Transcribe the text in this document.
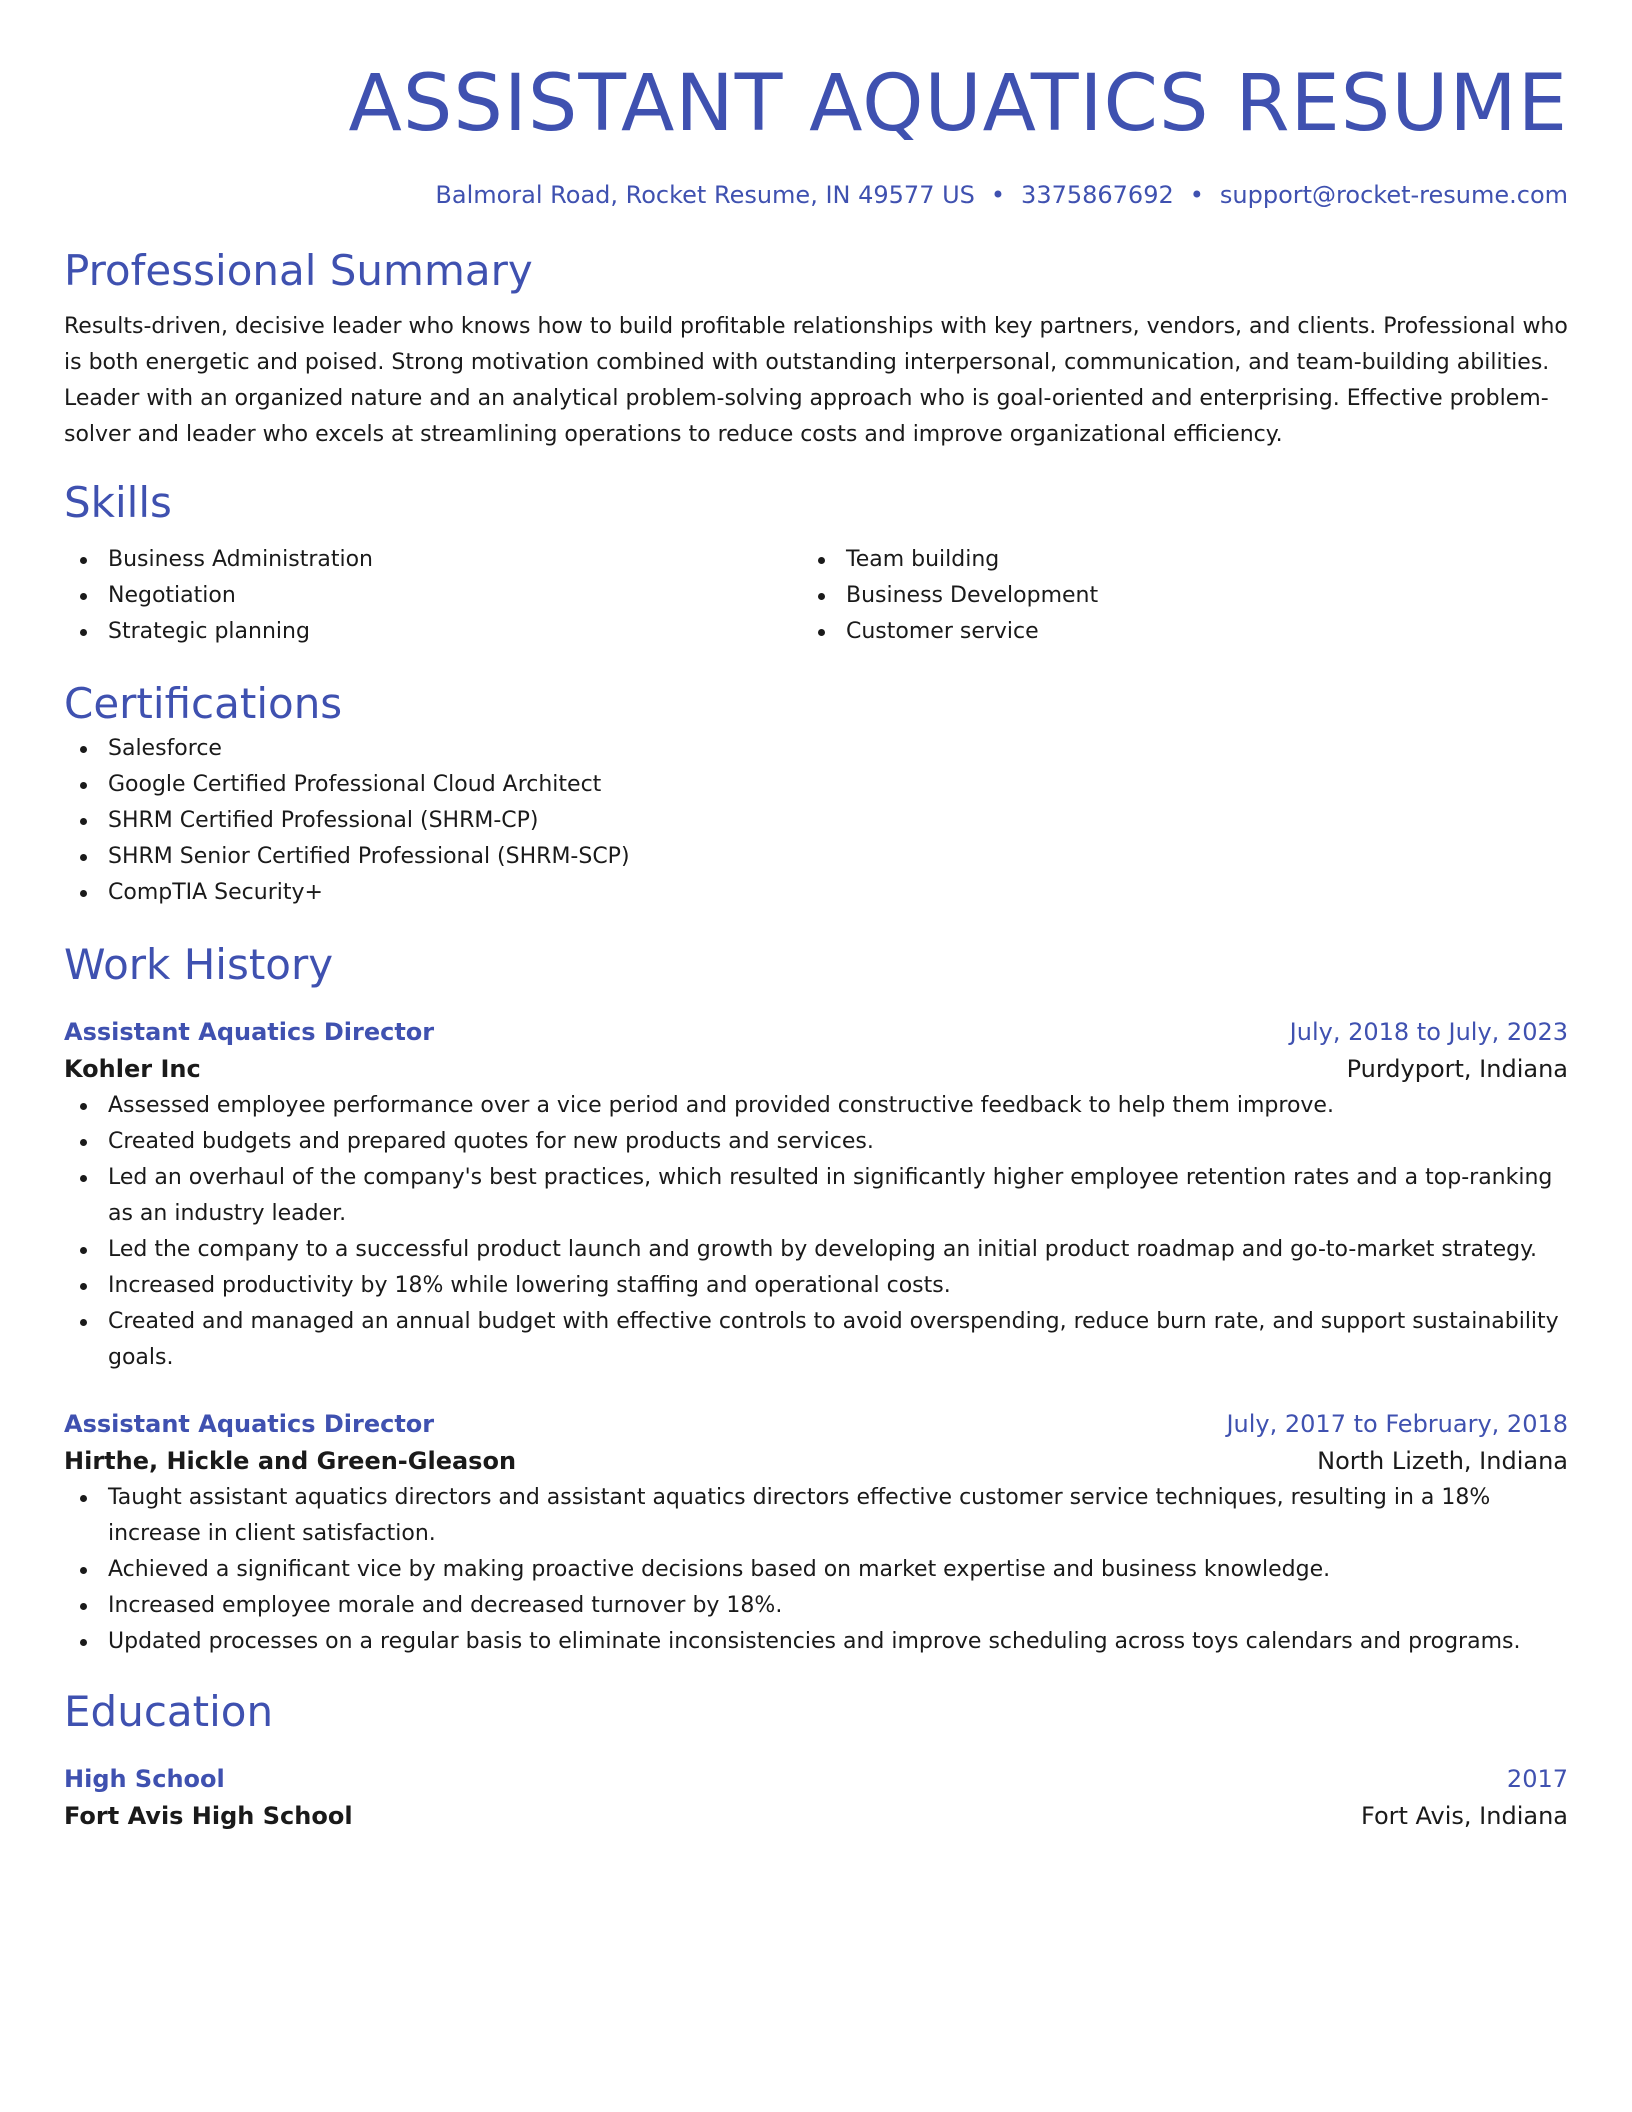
ASSISTANT AQUATICS RESUME
Balmoral Road, Rocket Resume, IN 49577 US • 3375867692 • support@rocket-resume.com
Professional Summary
Results-driven, decisive leader who knows how to build profitable relationships with key partners, vendors, and clients. Professional who is both energetic and poised. Strong motivation combined with outstanding interpersonal, communication, and team-building abilities. Leader with an organized nature and an analytical problem-solving approach who is goal-oriented and enterprising. Effective problem-solver and leader who excels at streamlining operations to reduce costs and improve organizational efficiency.
Skills
Business Administration
Negotiation
Strategic planning
Team building
Business Development
Customer service
Certifications
Salesforce
Google Certified Professional Cloud Architect
SHRM Certified Professional (SHRM-CP)
SHRM Senior Certified Professional (SHRM-SCP)
CompTIA Security+
Work History
Assistant Aquatics Director	July, 2018 to July, 2023
Kohler Inc	Purdyport, Indiana
Assessed employee performance over a vice period and provided constructive feedback to help them improve.
Created budgets and prepared quotes for new products and services.
Led an overhaul of the company's best practices, which resulted in significantly higher employee retention rates and a top-ranking as an industry leader.
Led the company to a successful product launch and growth by developing an initial product roadmap and go-to-market strategy.
Increased productivity by 18% while lowering staffing and operational costs.
Created and managed an annual budget with effective controls to avoid overspending, reduce burn rate, and support sustainability goals.
Assistant Aquatics Director	July, 2017 to February, 2018
Hirthe, Hickle and Green-Gleason	North Lizeth, Indiana
Taught assistant aquatics directors and assistant aquatics directors effective customer service techniques, resulting in a 18% increase in client satisfaction.
Achieved a significant vice by making proactive decisions based on market expertise and business knowledge.
Increased employee morale and decreased turnover by 18%.
Updated processes on a regular basis to eliminate inconsistencies and improve scheduling across toys calendars and programs.
Education
High School	2017
Fort Avis High School	Fort Avis, Indiana
